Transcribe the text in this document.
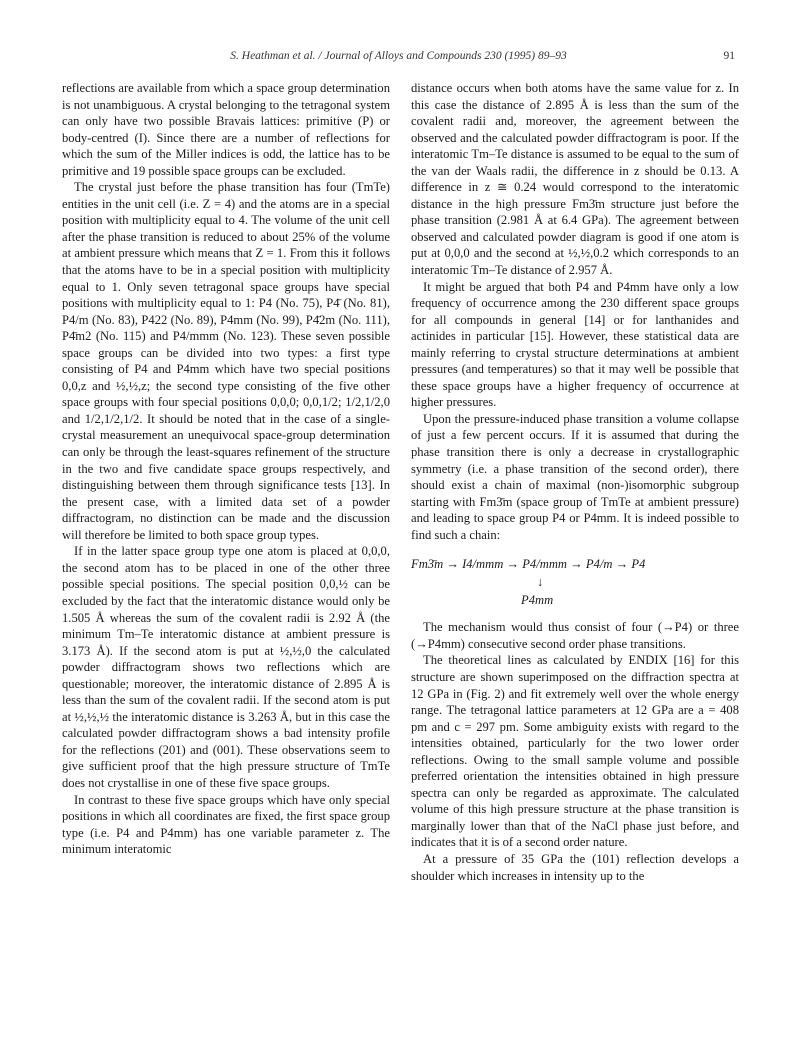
S. Heathman et al. / Journal of Alloys and Compounds 230 (1995) 89–93	91

reflections are available from which a space group determination is not unambiguous. A crystal belonging to the tetragonal system can only have two possible Bravais lattices: primitive (P) or body-centred (I). Since there are a number of reflections for which the sum of the Miller indices is odd, the lattice has to be primitive and 19 possible space groups can be excluded.

The crystal just before the phase transition has four (TmTe) entities in the unit cell (i.e. Z = 4) and the atoms are in a special position with multiplicity equal to 4. The volume of the unit cell after the phase transition is reduced to about 25% of the volume at ambient pressure which means that Z = 1. From this it follows that the atoms have to be in a special position with multiplicity equal to 1. Only seven tetragonal space groups have special positions with multiplicity equal to 1: P4 (No. 75), P4̄ (No. 81), P4/m (No. 83), P422 (No. 89), P4mm (No. 99), P4̄2m (No. 111), P4̄m2 (No. 115) and P4/mmm (No. 123). These seven possible space groups can be divided into two types: a first type consisting of P4 and P4mm which have two special positions 0,0,z and ½,½,z; the second type consisting of the five other space groups with four special positions 0,0,0; 0,0,1/2; 1/2,1/2,0 and 1/2,1/2,1/2. It should be noted that in the case of a single-crystal measurement an unequivocal space-group determination can only be through the least-squares refinement of the structure in the two and five candidate space groups respectively, and distinguishing between them through significance tests [13]. In the present case, with a limited data set of a powder diffractogram, no distinction can be made and the discussion will therefore be limited to both space group types.

If in the latter space group type one atom is placed at 0,0,0, the second atom has to be placed in one of the other three possible special positions. The special position 0,0,½ can be excluded by the fact that the interatomic distance would only be 1.505 Å whereas the sum of the covalent radii is 2.92 Å (the minimum Tm–Te interatomic distance at ambient pressure is 3.173 Å). If the second atom is put at ½,½,0 the calculated powder diffractogram shows two reflections which are questionable; moreover, the interatomic distance of 2.895 Å is less than the sum of the covalent radii. If the second atom is put at ½,½,½ the interatomic distance is 3.263 Å, but in this case the calculated powder diffractogram shows a bad intensity profile for the reflections (201) and (001). These observations seem to give sufficient proof that the high pressure structure of TmTe does not crystallise in one of these five space groups.

In contrast to these five space groups which have only special positions in which all coordinates are fixed, the first space group type (i.e. P4 and P4mm) has one variable parameter z. The minimum interatomic

distance occurs when both atoms have the same value for z. In this case the distance of 2.895 Å is less than the sum of the covalent radii and, moreover, the agreement between the observed and the calculated powder diffractogram is poor. If the interatomic Tm–Te distance is assumed to be equal to the sum of the van der Waals radii, the difference in z should be 0.13. A difference in z ≅ 0.24 would correspond to the interatomic distance in the high pressure Fm3̄m structure just before the phase transition (2.981 Å at 6.4 GPa). The agreement between observed and calculated powder diagram is good if one atom is put at 0,0,0 and the second at ½,½,0.2 which corresponds to an interatomic Tm–Te distance of 2.957 Å.

It might be argued that both P4 and P4mm have only a low frequency of occurrence among the 230 different space groups for all compounds in general [14] or for lanthanides and actinides in particular [15]. However, these statistical data are mainly referring to crystal structure determinations at ambient pressures (and temperatures) so that it may well be possible that these space groups have a higher frequency of occurrence at higher pressures.

Upon the pressure-induced phase transition a volume collapse of just a few percent occurs. If it is assumed that during the phase transition there is only a decrease in crystallographic symmetry (i.e. a phase transition of the second order), there should exist a chain of maximal (non-)isomorphic subgroup starting with Fm3̄m (space group of TmTe at ambient pressure) and leading to space group P4 or P4mm. It is indeed possible to find such a chain:

Fm3̄m → I4/mmm → P4/mmm → P4/m → P4
↓
P4mm

The mechanism would thus consist of four (→P4) or three (→P4mm) consecutive second order phase transitions.

The theoretical lines as calculated by ENDIX [16] for this structure are shown superimposed on the diffraction spectra at 12 GPa in (Fig. 2) and fit extremely well over the whole energy range. The tetragonal lattice parameters at 12 GPa are a = 408 pm and c = 297 pm. Some ambiguity exists with regard to the intensities obtained, particularly for the two lower order reflections. Owing to the small sample volume and possible preferred orientation the intensities obtained in high pressure spectra can only be regarded as approximate. The calculated volume of this high pressure structure at the phase transition is marginally lower than that of the NaCl phase just before, and indicates that it is of a second order nature.

At a pressure of 35 GPa the (101) reflection develops a shoulder which increases in intensity up to the
